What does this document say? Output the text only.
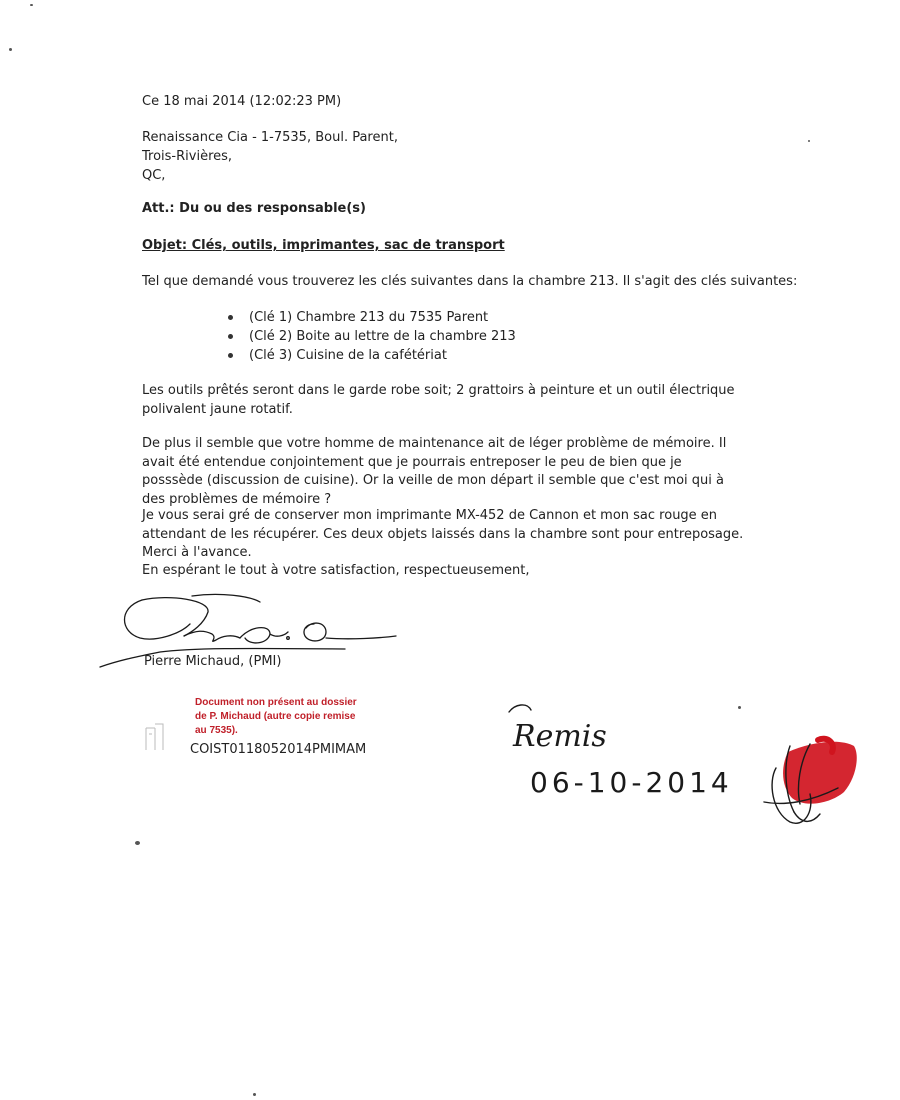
Ce 18 mai 2014 (12:02:23 PM)
Renaissance Cia - 1-7535, Boul. Parent,
Trois-Rivières,
QC,
Att.: Du ou des responsable(s)
Objet: Clés, outils, imprimantes, sac de transport
Tel que demandé vous trouverez les clés suivantes dans la chambre 213. Il s'agit des clés suivantes:
(Clé 1) Chambre 213 du 7535 Parent
(Clé 2) Boite au lettre de la chambre 213
(Clé 3) Cuisine de la cafétériat
Les outils prêtés seront dans le garde robe soit; 2 grattoirs à peinture et un outil électrique polivalent jaune rotatif.
De plus il semble que votre homme de maintenance ait de léger problème de mémoire. Il avait été entendue conjointement que je pourrais entreposer le peu de bien que je posssède (discussion de cuisine). Or la veille de mon départ il semble que c'est moi qui à des problèmes de mémoire ?
Je vous serai gré de conserver mon imprimante MX-452 de Cannon et mon sac rouge en attendant de les récupérer. Ces deux objets laissés dans la chambre sont pour entreposage. Merci à l'avance.
En espérant le tout à votre satisfaction, respectueusement,
Pierre Michaud, (PMI)
Document non présent au dossier
de P. Michaud (autre copie remise
au 7535).
COIST0118052014PMIMAM	Remis
06-10-2014
